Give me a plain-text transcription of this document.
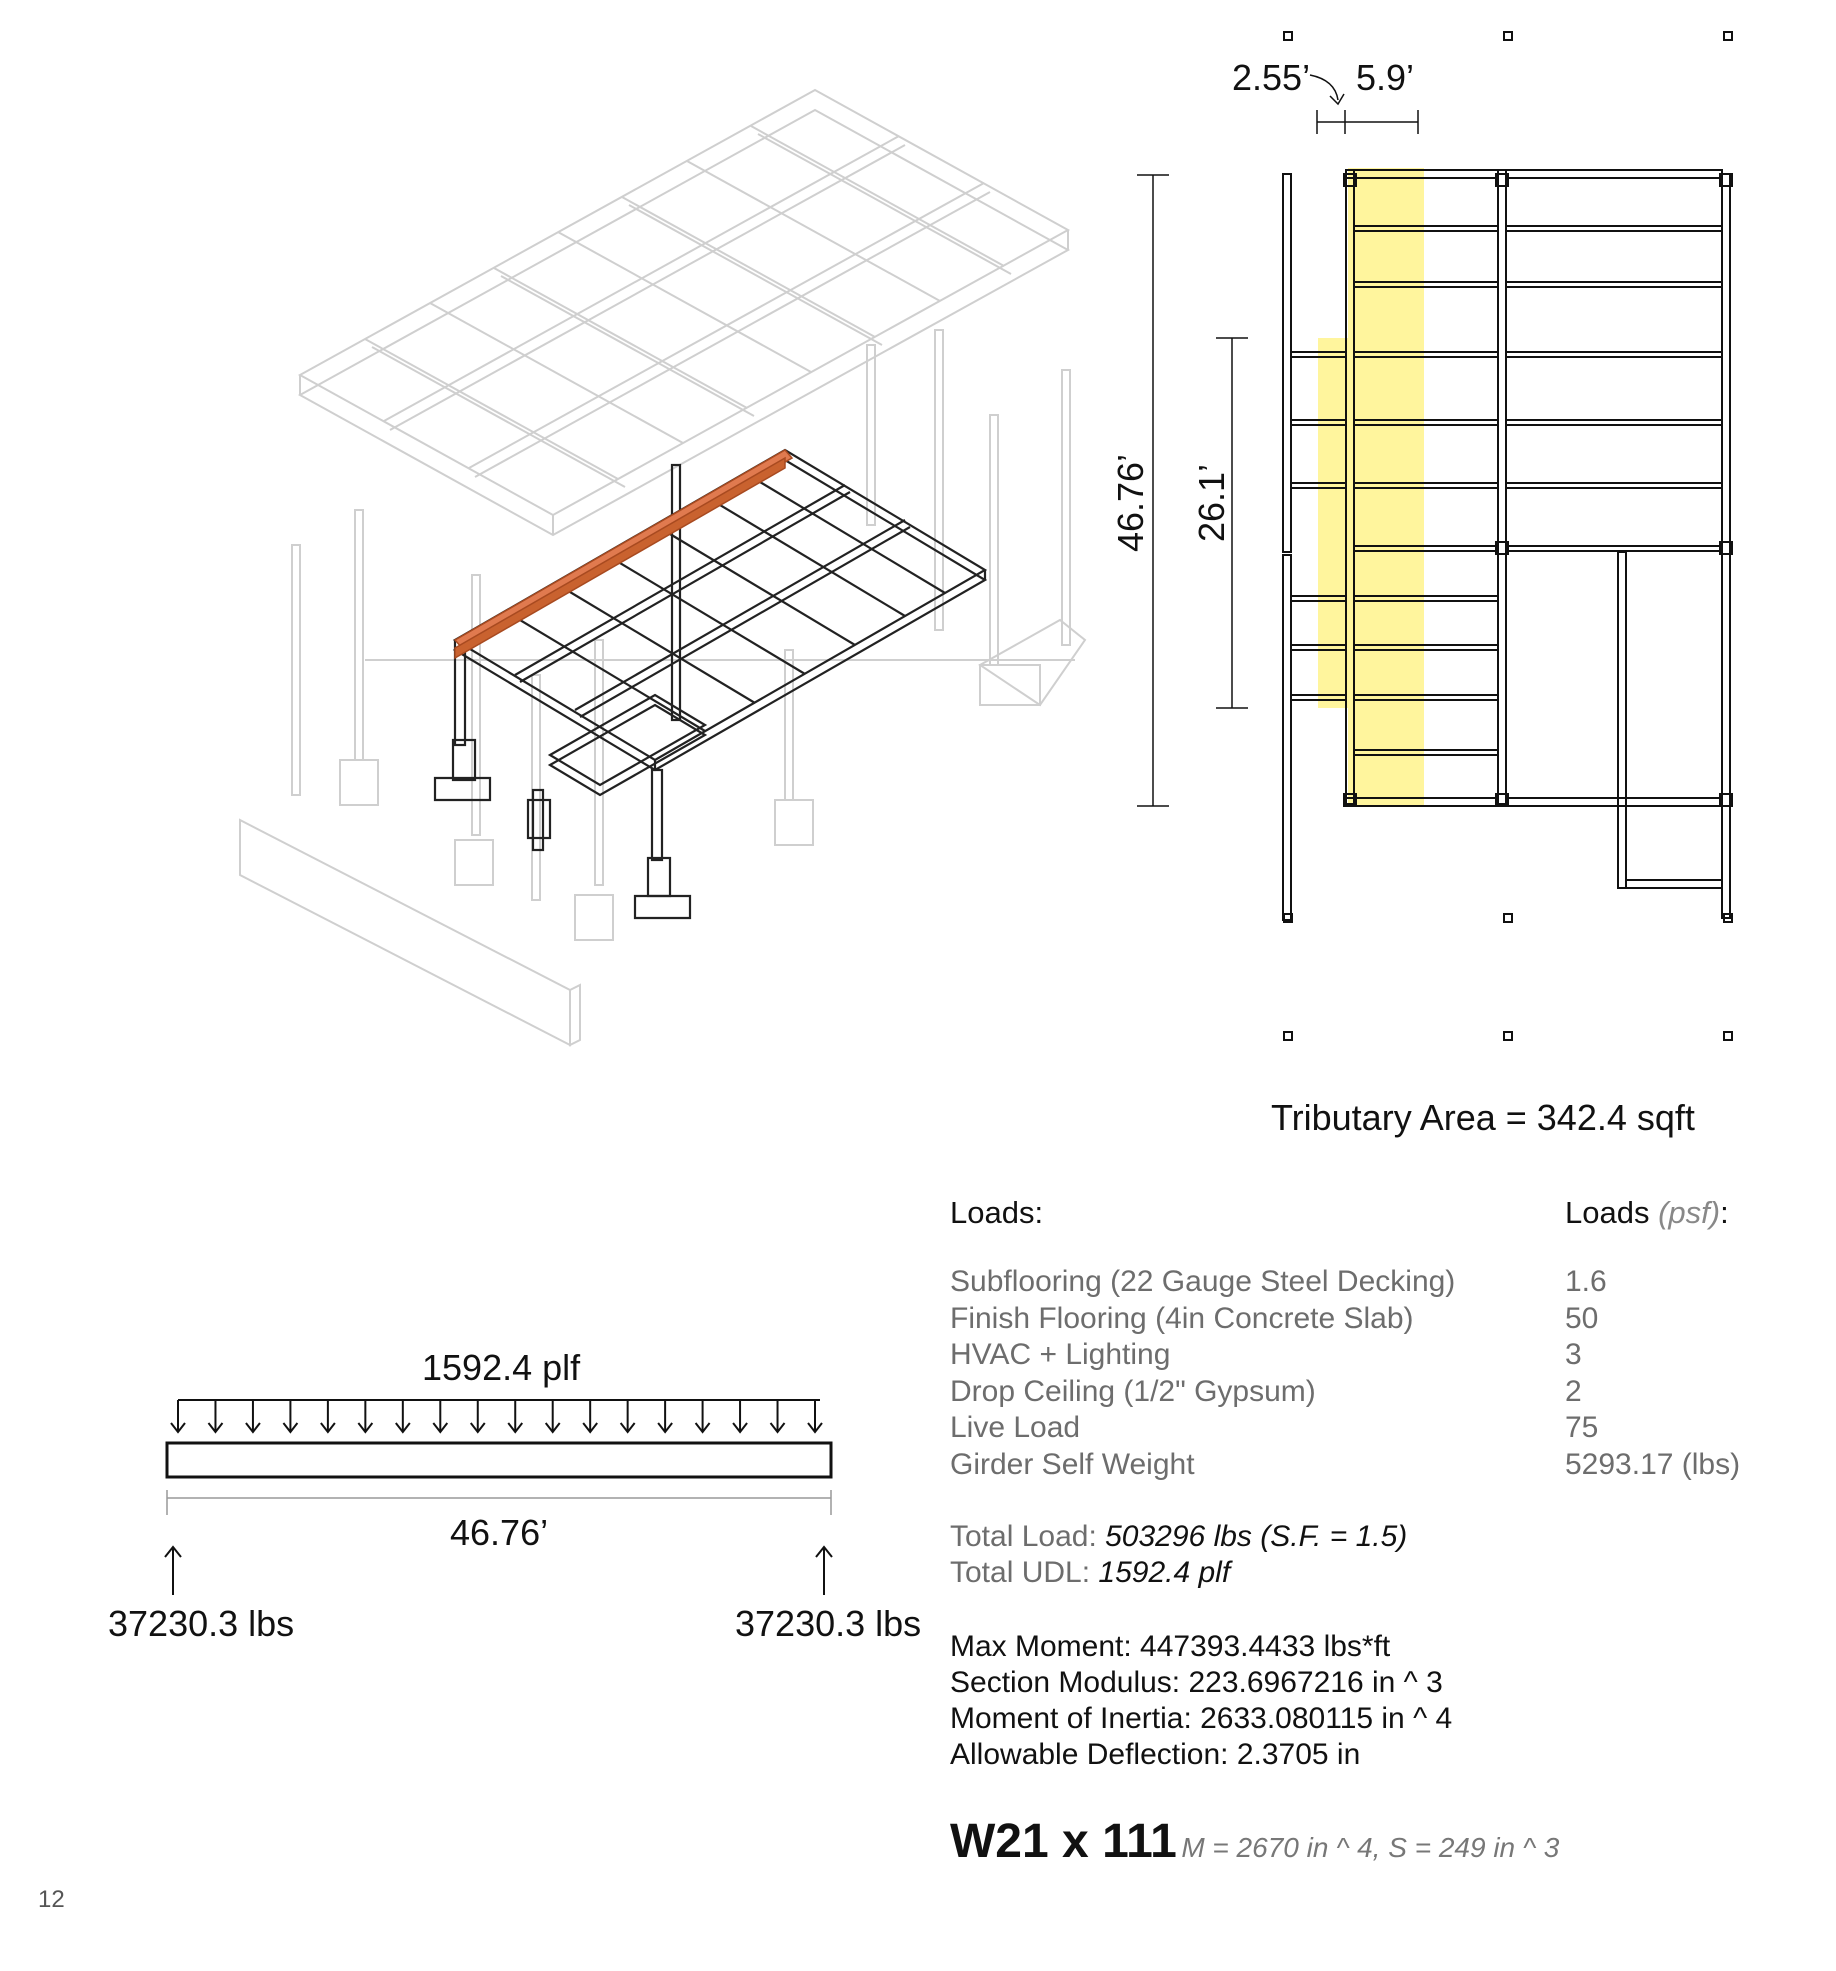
2.55’ 5.9’
46.76’ 26.1’
Tributary Area = 342.4 sqft
Loads:	Loads (psf):
Subflooring (22 Gauge Steel Decking)	1.6
Finish Flooring (4in Concrete Slab)	50
HVAC + Lighting	3
Drop Ceiling (1/2" Gypsum)	2
Live Load	75
Girder Self Weight	5293.17 (lbs)
Total Load: 503296 lbs (S.F. = 1.5)
Total UDL: 1592.4 plf
Max Moment: 447393.4433 lbs*ft
Section Modulus: 223.6967216 in ^ 3
Moment of Inertia: 2633.080115 in ^ 4
Allowable Deflection: 2.3705 in
W21 x 111 M = 2670 in ^ 4, S = 249 in ^ 3
1592.4 plf
46.76’
37230.3 lbs	37230.3 lbs
12
